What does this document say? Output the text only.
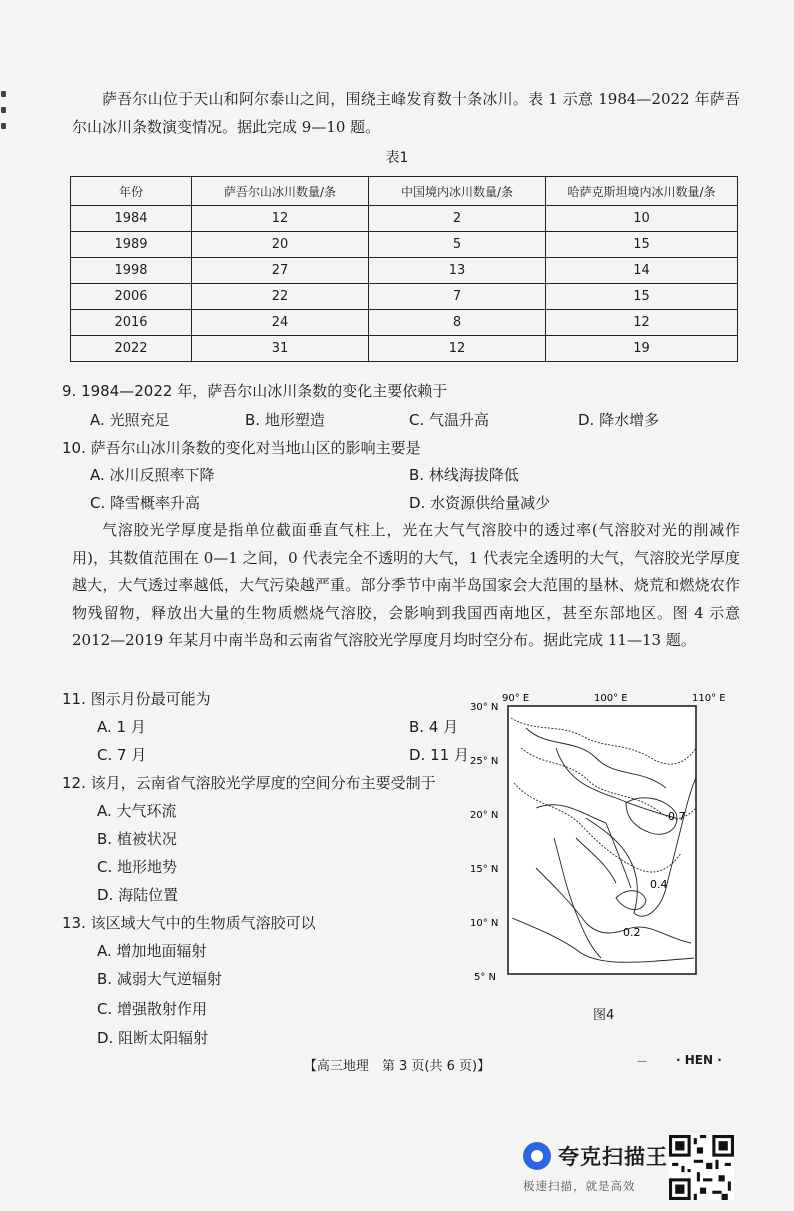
萨吾尔山位于天山和阿尔泰山之间，围绕主峰发育数十条冰川。表 1 示意 1984—2022 年萨吾尔山冰川条数演变情况。据此完成 9—10 题。

表1
年份	萨吾尔山冰川数量/条	中国境内冰川数量/条	哈萨克斯坦境内冰川数量/条
1984	12	2	10
1989	20	5	15
1998	27	13	14
2006	22	7	15
2016	24	8	12
2022	31	12	19
9. 1984—2022 年，萨吾尔山冰川条数的变化主要依赖于
A. 光照充足	B. 地形塑造	C. 气温升高	D. 降水增多
10. 萨吾尔山冰川条数的变化对当地山区的影响主要是
A. 冰川反照率下降	B. 林线海拔降低
C. 降雪概率升高	D. 水资源供给量减少

气溶胶光学厚度是指单位截面垂直气柱上，光在大气气溶胶中的透过率(气溶胶对光的削减作用)，其数值范围在 0—1 之间，0 代表完全不透明的大气，1 代表完全透明的大气，气溶胶光学厚度越大，大气透过率越低，大气污染越严重。部分季节中南半岛国家会大范围的垦林、烧荒和燃烧农作物残留物，释放出大量的生物质燃烧气溶胶，会影响到我国西南地区，甚至东部地区。图 4 示意 2012—2019 年某月中南半岛和云南省气溶胶光学厚度月均时空分布。据此完成 11—13 题。

11. 图示月份最可能为
A. 1 月	B. 4 月
C. 7 月	D. 11 月
12. 该月，云南省气溶胶光学厚度的空间分布主要受制于
A. 大气环流
B. 植被状况
C. 地形地势
D. 海陆位置
13. 该区域大气中的生物质气溶胶可以
A. 增加地面辐射
B. 减弱大气逆辐射
C. 增强散射作用
D. 阻断太阳辐射
90° E	100° E	110° E
30° N
25° N
20° N
15° N
10° N
5° N
0.7
0.4
0.2
图4
【高三地理　第 3 页(共 6 页)】	— · HEN ·
夸克扫描王
极速扫描，就是高效
